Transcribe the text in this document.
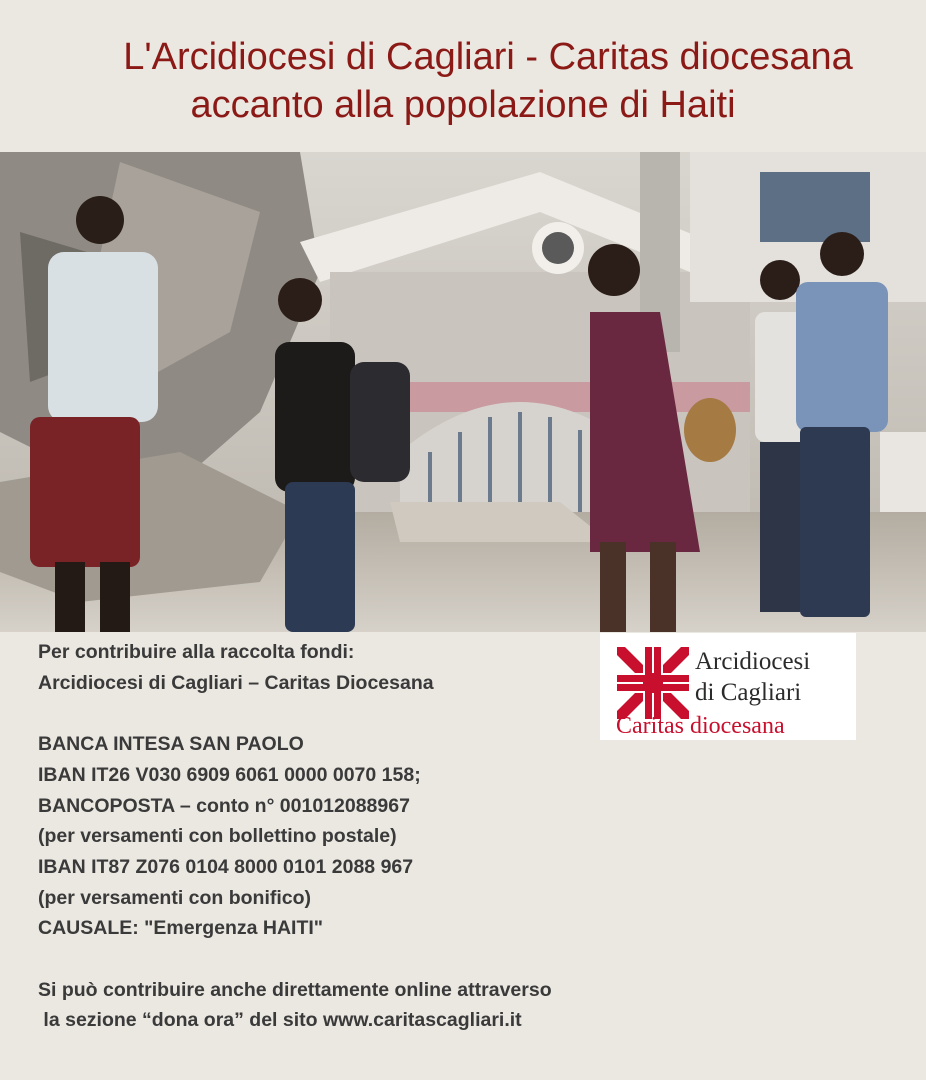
L'Arcidiocesi di Cagliari - Caritas diocesana
accanto alla popolazione di Haiti
Per contribuire alla raccolta fondi:
Arcidiocesi di Cagliari – Caritas Diocesana
BANCA INTESA SAN PAOLO
IBAN IT26 V030 6909 6061 0000 0070 158;
BANCOPOSTA – conto n° 001012088967
(per versamenti con bollettino postale)
IBAN IT87 Z076 0104 8000 0101 2088 967
(per versamenti con bonifico)
CAUSALE: "Emergenza HAITI"
Si può contribuire anche direttamente online attraverso
la sezione “dona ora” del sito www.caritascagliari.it
Arcidiocesi
di Cagliari
Caritas diocesana
